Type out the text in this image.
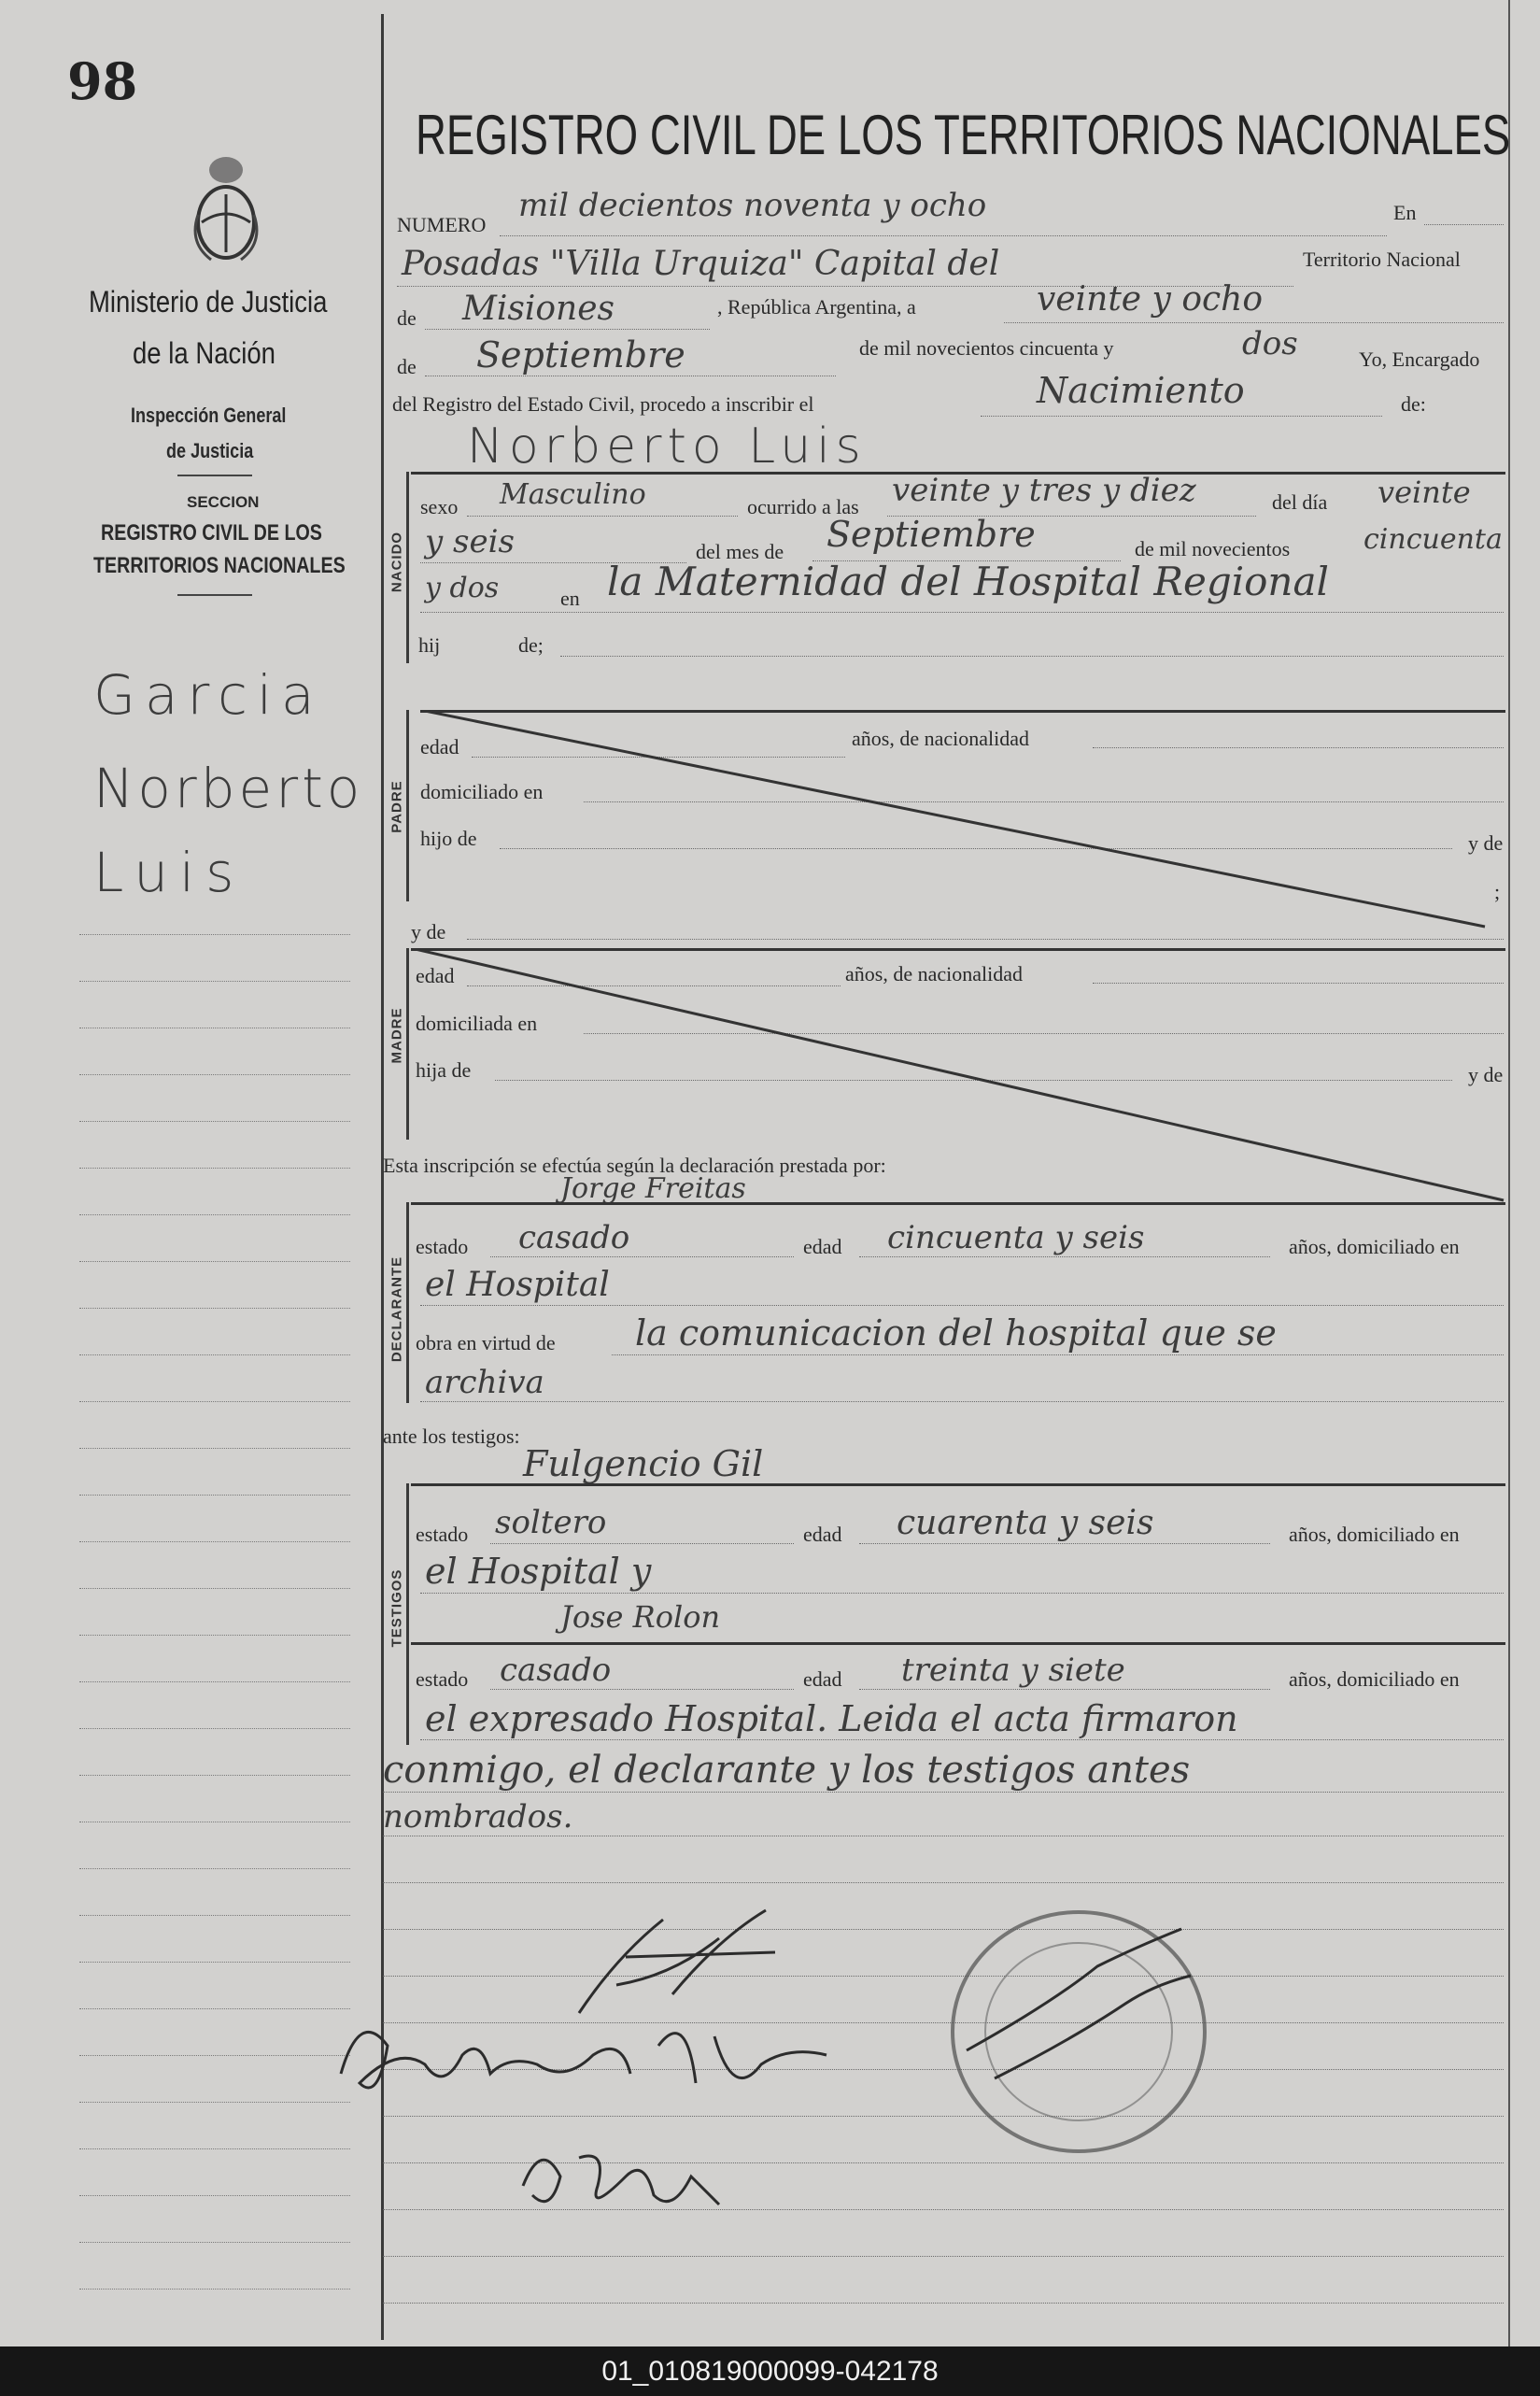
98
Ministerio de Justicia
de la Nación
Inspección General
de Justicia
SECCION
REGISTRO CIVIL DE LOS
TERRITORIOS NACIONALES
Garcia
Norberto
Luis
REGISTRO CIVIL DE LOS TERRITORIOS NACIONALES
NUMERO
mil decientos noventa y ocho	En
Posadas "Villa Urquiza" Capital del	Territorio Nacional
de Misiones	, República Argentina, a	veinte y ocho
de Septiembre	de mil novecientos cincuenta y	dos	Yo, Encargado
del Registro del Estado Civil, procedo a inscribir el	Nacimiento	de:
Norberto Luis
NACIDO
sexo Masculino	ocurrido a las veinte y tres y diez	del día veinte
y seis	del mes de Septiembre	de mil novecientos	cincuenta
y dos	en la Maternidad del Hospital Regional
hij	de;
PADRE
edad	años, de nacionalidad
domiciliado en
hijo de	y de
;
y de
MADRE
edad	años, de nacionalidad
domiciliada en
hija de	y de
Esta inscripción se efectúa según la declaración prestada por:
Jorge Freitas
DECLARANTE
estado casado	edad cincuenta y seis	años, domiciliado en
el Hospital
obra en virtud de la comunicacion del hospital que se
archiva
ante los testigos:
Fulgencio Gil
TESTIGOS
estado soltero	edad cuarenta y seis	años, domiciliado en
el Hospital y
Jose Rolon
estado casado	edad treinta y siete	años, domiciliado en
el expresado Hospital. Leida el acta firmaron
conmigo, el declarante y los testigos antes
nombrados.
01_010819000099-042178
